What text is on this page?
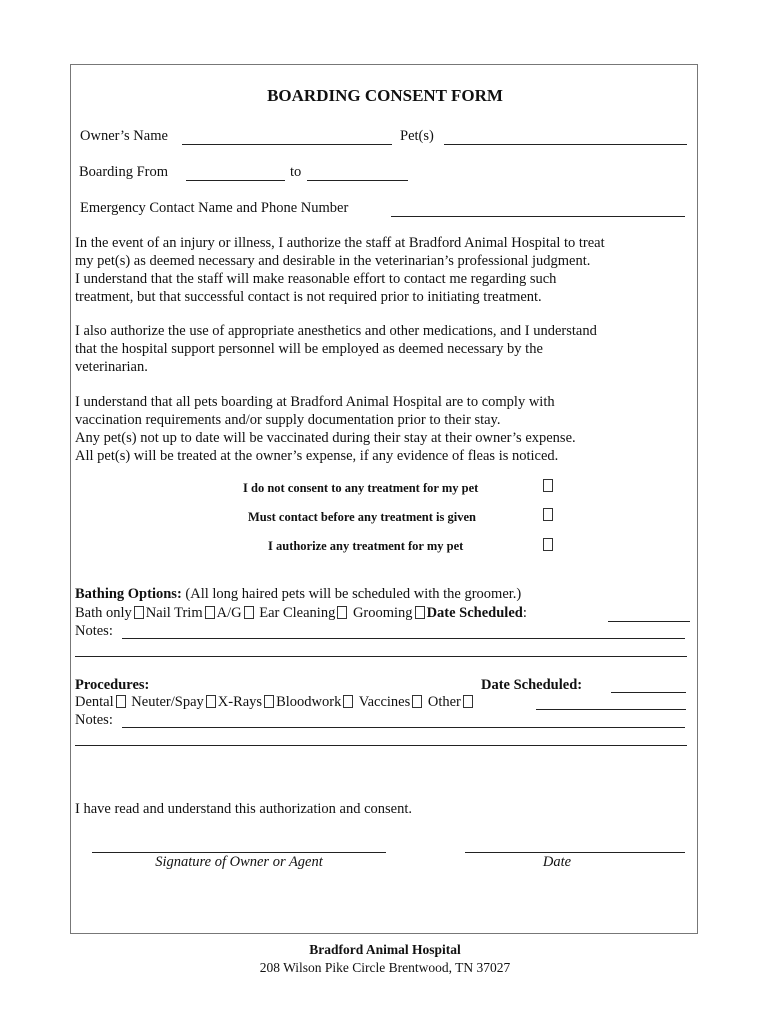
BOARDING CONSENT FORM
Owner’s Name	Pet(s)
Boarding From	to
Emergency Contact Name and Phone Number
In the event of an injury or illness, I authorize the staff at Bradford Animal Hospital to treat
my pet(s) as deemed necessary and desirable in the veterinarian’s professional judgment.
I understand that the staff will make reasonable effort to contact me regarding such
treatment, but that successful contact is not required prior to initiating treatment.
I also authorize the use of appropriate anesthetics and other medications, and I understand
that the hospital support personnel will be employed as deemed necessary by the
veterinarian.
I understand that all pets boarding at Bradford Animal Hospital are to comply with
vaccination requirements and/or supply documentation prior to their stay.
Any pet(s) not up to date will be vaccinated during their stay at their owner’s expense.
All pet(s) will be treated at the owner’s expense, if any evidence of fleas is noticed.
I do not consent to any treatment for my pet
Must contact before any treatment is given
I authorize any treatment for my pet
Bathing Options: (All long haired pets will be scheduled with the groomer.)
Bath only Nail Trim A/G Ear Cleaning Grooming Date Scheduled:
Notes:
Procedures:	Date Scheduled:
Dental Neuter/Spay X-Rays Bloodwork Vaccines Other
Notes:
I have read and understand this authorization and consent.
Signature of Owner or Agent	Date
Bradford Animal Hospital
208 Wilson Pike Circle Brentwood, TN 37027
